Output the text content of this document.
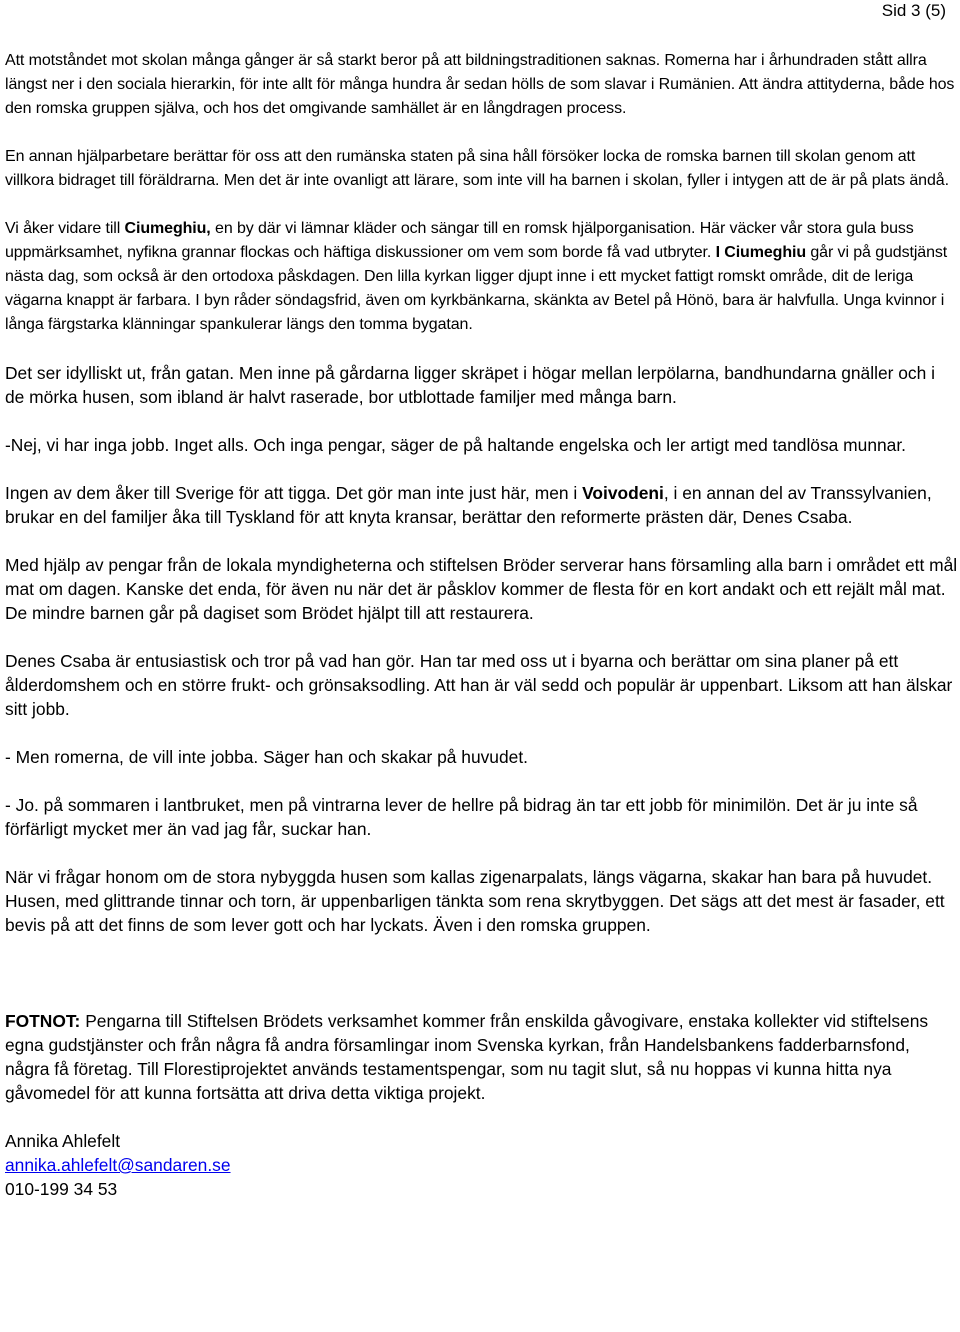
Sid 3 (5)

Att motståndet mot skolan många gånger är så starkt beror på att bildningstraditionen saknas. Romerna har i århundraden stått allra längst ner i den sociala hierarkin, för inte allt för många hundra år sedan hölls de som slavar i Rumänien. Att ändra attityderna, både hos den romska gruppen själva, och hos det omgivande samhället är en långdragen process.

En annan hjälparbetare berättar för oss att den rumänska staten på sina håll försöker locka de romska barnen till skolan genom att villkora bidraget till föräldrarna. Men det är inte ovanligt att lärare, som inte vill ha barnen i skolan, fyller i intygen att de är på plats ändå.

Vi åker vidare till Ciumeghiu, en by där vi lämnar kläder och sängar till en romsk hjälporganisation. Här väcker vår stora gula buss uppmärksamhet, nyfikna grannar flockas och häftiga diskussioner om vem som borde få vad utbryter. I Ciumeghiu går vi på gudstjänst nästa dag, som också är den ortodoxa påskdagen. Den lilla kyrkan ligger djupt inne i ett mycket fattigt romskt område, dit de leriga vägarna knappt är farbara. I byn råder söndagsfrid, även om kyrkbänkarna, skänkta av Betel på Hönö, bara är halvfulla. Unga kvinnor i långa färgstarka klänningar spankulerar längs den tomma bygatan.

Det ser idylliskt ut, från gatan. Men inne på gårdarna ligger skräpet i högar mellan lerpölarna, bandhundarna gnäller och i de mörka husen, som ibland är halvt raserade, bor utblottade familjer med många barn.

-Nej, vi har inga jobb. Inget alls. Och inga pengar, säger de på haltande engelska och ler artigt med tandlösa munnar.

Ingen av dem åker till Sverige för att tigga. Det gör man inte just här, men i Voivodeni, i en annan del av Transsylvanien, brukar en del familjer åka till Tyskland för att knyta kransar, berättar den reformerte prästen där, Denes Csaba.

Med hjälp av pengar från de lokala myndigheterna och stiftelsen Bröder serverar hans församling alla barn i området ett mål mat om dagen. Kanske det enda, för även nu när det är påsklov kommer de flesta för en kort andakt och ett rejält mål mat. De mindre barnen går på dagiset som Brödet hjälpt till att restaurera.

Denes Csaba är entusiastisk och tror på vad han gör. Han tar med oss ut i byarna och berättar om sina planer på ett ålderdomshem och en större frukt- och grönsaksodling. Att han är väl sedd och populär är uppenbart. Liksom att han älskar sitt jobb.

- Men romerna, de vill inte jobba. Säger han och skakar på huvudet.

- Jo. på sommaren i lantbruket, men på vintrarna lever de hellre på bidrag än tar ett jobb för minimilön. Det är ju inte så förfärligt mycket mer än vad jag får, suckar han.

När vi frågar honom om de stora nybyggda husen som kallas zigenarpalats, längs vägarna, skakar han bara på huvudet. Husen, med glittrande tinnar och torn, är uppenbarligen tänkta som rena skrytbyggen. Det sägs att det mest är fasader, ett bevis på att det finns de som lever gott och har lyckats. Även i den romska gruppen.

FOTNOT: Pengarna till Stiftelsen Brödets verksamhet kommer från enskilda gåvogivare, enstaka kollekter vid stiftelsens egna gudstjänster och från några få andra församlingar inom Svenska kyrkan, från Handelsbankens fadderbarnsfond, några få företag. Till Florestiprojektet används testamentspengar, som nu tagit slut, så nu hoppas vi kunna hitta nya gåvomedel för att kunna fortsätta att driva detta viktiga projekt.

Annika Ahlefelt
annika.ahlefelt@sandaren.se
010-199 34 53
